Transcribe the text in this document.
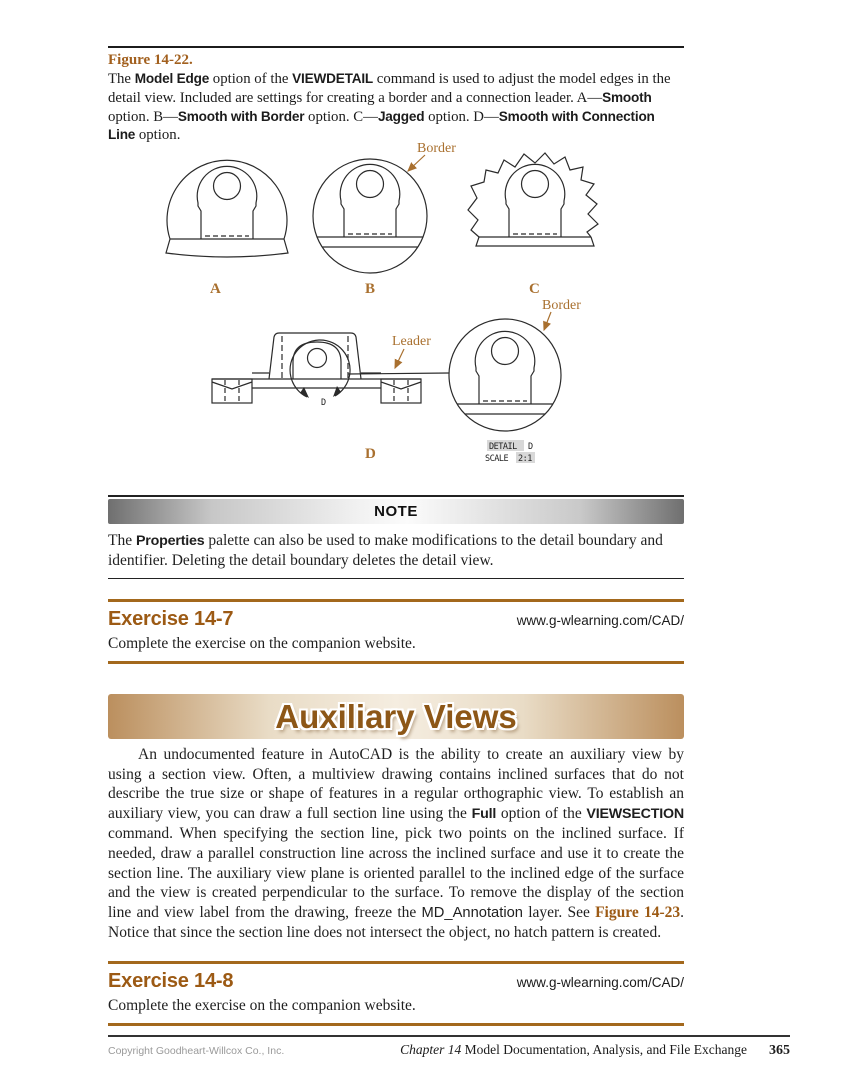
Figure 14-22.
The Model Edge option of the VIEWDETAIL command is used to adjust the model edges in the detail view. Included are settings for creating a border and a connection leader. A—Smooth option. B—Smooth with Border option. C—Jagged option. D—Smooth with Connection Line option.
Border
A	B	C
D
Leader
Border
D	DETAIL D
SCALE 2:1
NOTE
The Properties palette can also be used to make modifications to the detail boundary and identifier. Deleting the detail boundary deletes the detail view.
Exercise 14-7	www.g-wlearning.com/CAD/
Complete the exercise on the companion website.
Auxiliary Views
An undocumented feature in AutoCAD is the ability to create an auxiliary view by using a section view. Often, a multiview drawing contains inclined surfaces that do not describe the true size or shape of features in a regular orthographic view. To establish an auxiliary view, you can draw a full section line using the Full option of the VIEWSECTION command. When specifying the section line, pick two points on the inclined surface. If needed, draw a parallel construction line across the inclined surface and use it to create the section line. The auxiliary view plane is oriented parallel to the inclined edge of the surface and the view is created perpendicular to the surface. To remove the display of the section line and view label from the drawing, freeze the MD_Annotation layer. See Figure 14-23. Notice that since the section line does not intersect the object, no hatch pattern is created.
Exercise 14-8	www.g-wlearning.com/CAD/
Complete the exercise on the companion website.
Copyright Goodheart-Willcox Co., Inc.	Chapter 14 Model Documentation, Analysis, and File Exchange 365
